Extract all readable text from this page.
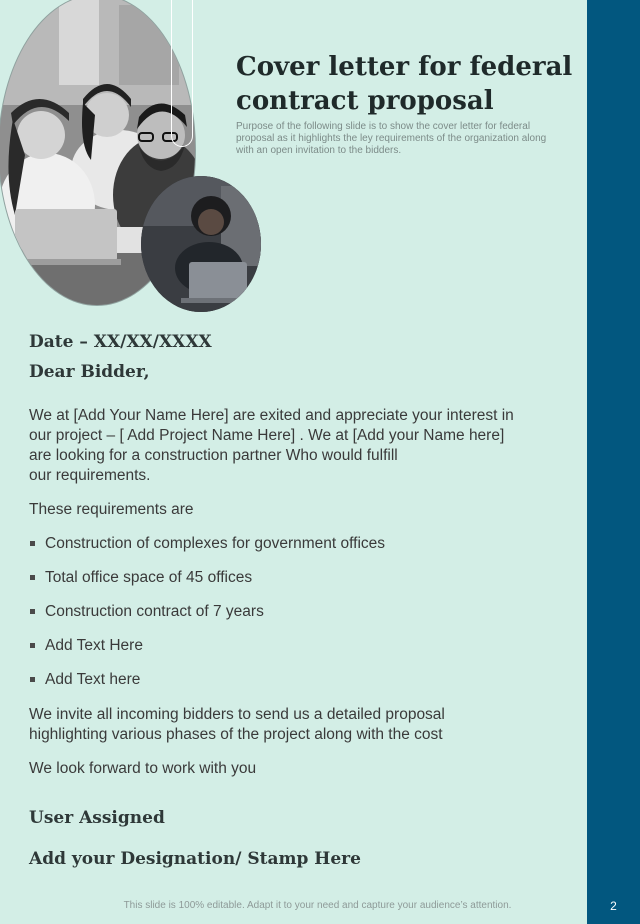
Cover letter for federal contract proposal
Purpose of the following slide is to show the cover letter for federal proposal as it highlights the ley requirements of the organization along with an open invitation to the bidders.
Date – XX/XX/XXXX
Dear Bidder,
We at [Add Your Name Here] are exited and appreciate your interest in
our project – [ Add Project Name Here] . We at [Add your Name here]
are looking for a construction partner Who would fulfill
our requirements.
These requirements are
Construction of complexes for government offices
Total office space of 45 offices
Construction contract of 7 years
Add Text Here
Add Text here
We invite all incoming bidders to send us a detailed proposal
highlighting various phases of the project along with the cost
We look forward to work with you
User Assigned
Add your Designation/ Stamp Here
This slide is 100% editable. Adapt it to your need and capture your audience’s attention.	2
